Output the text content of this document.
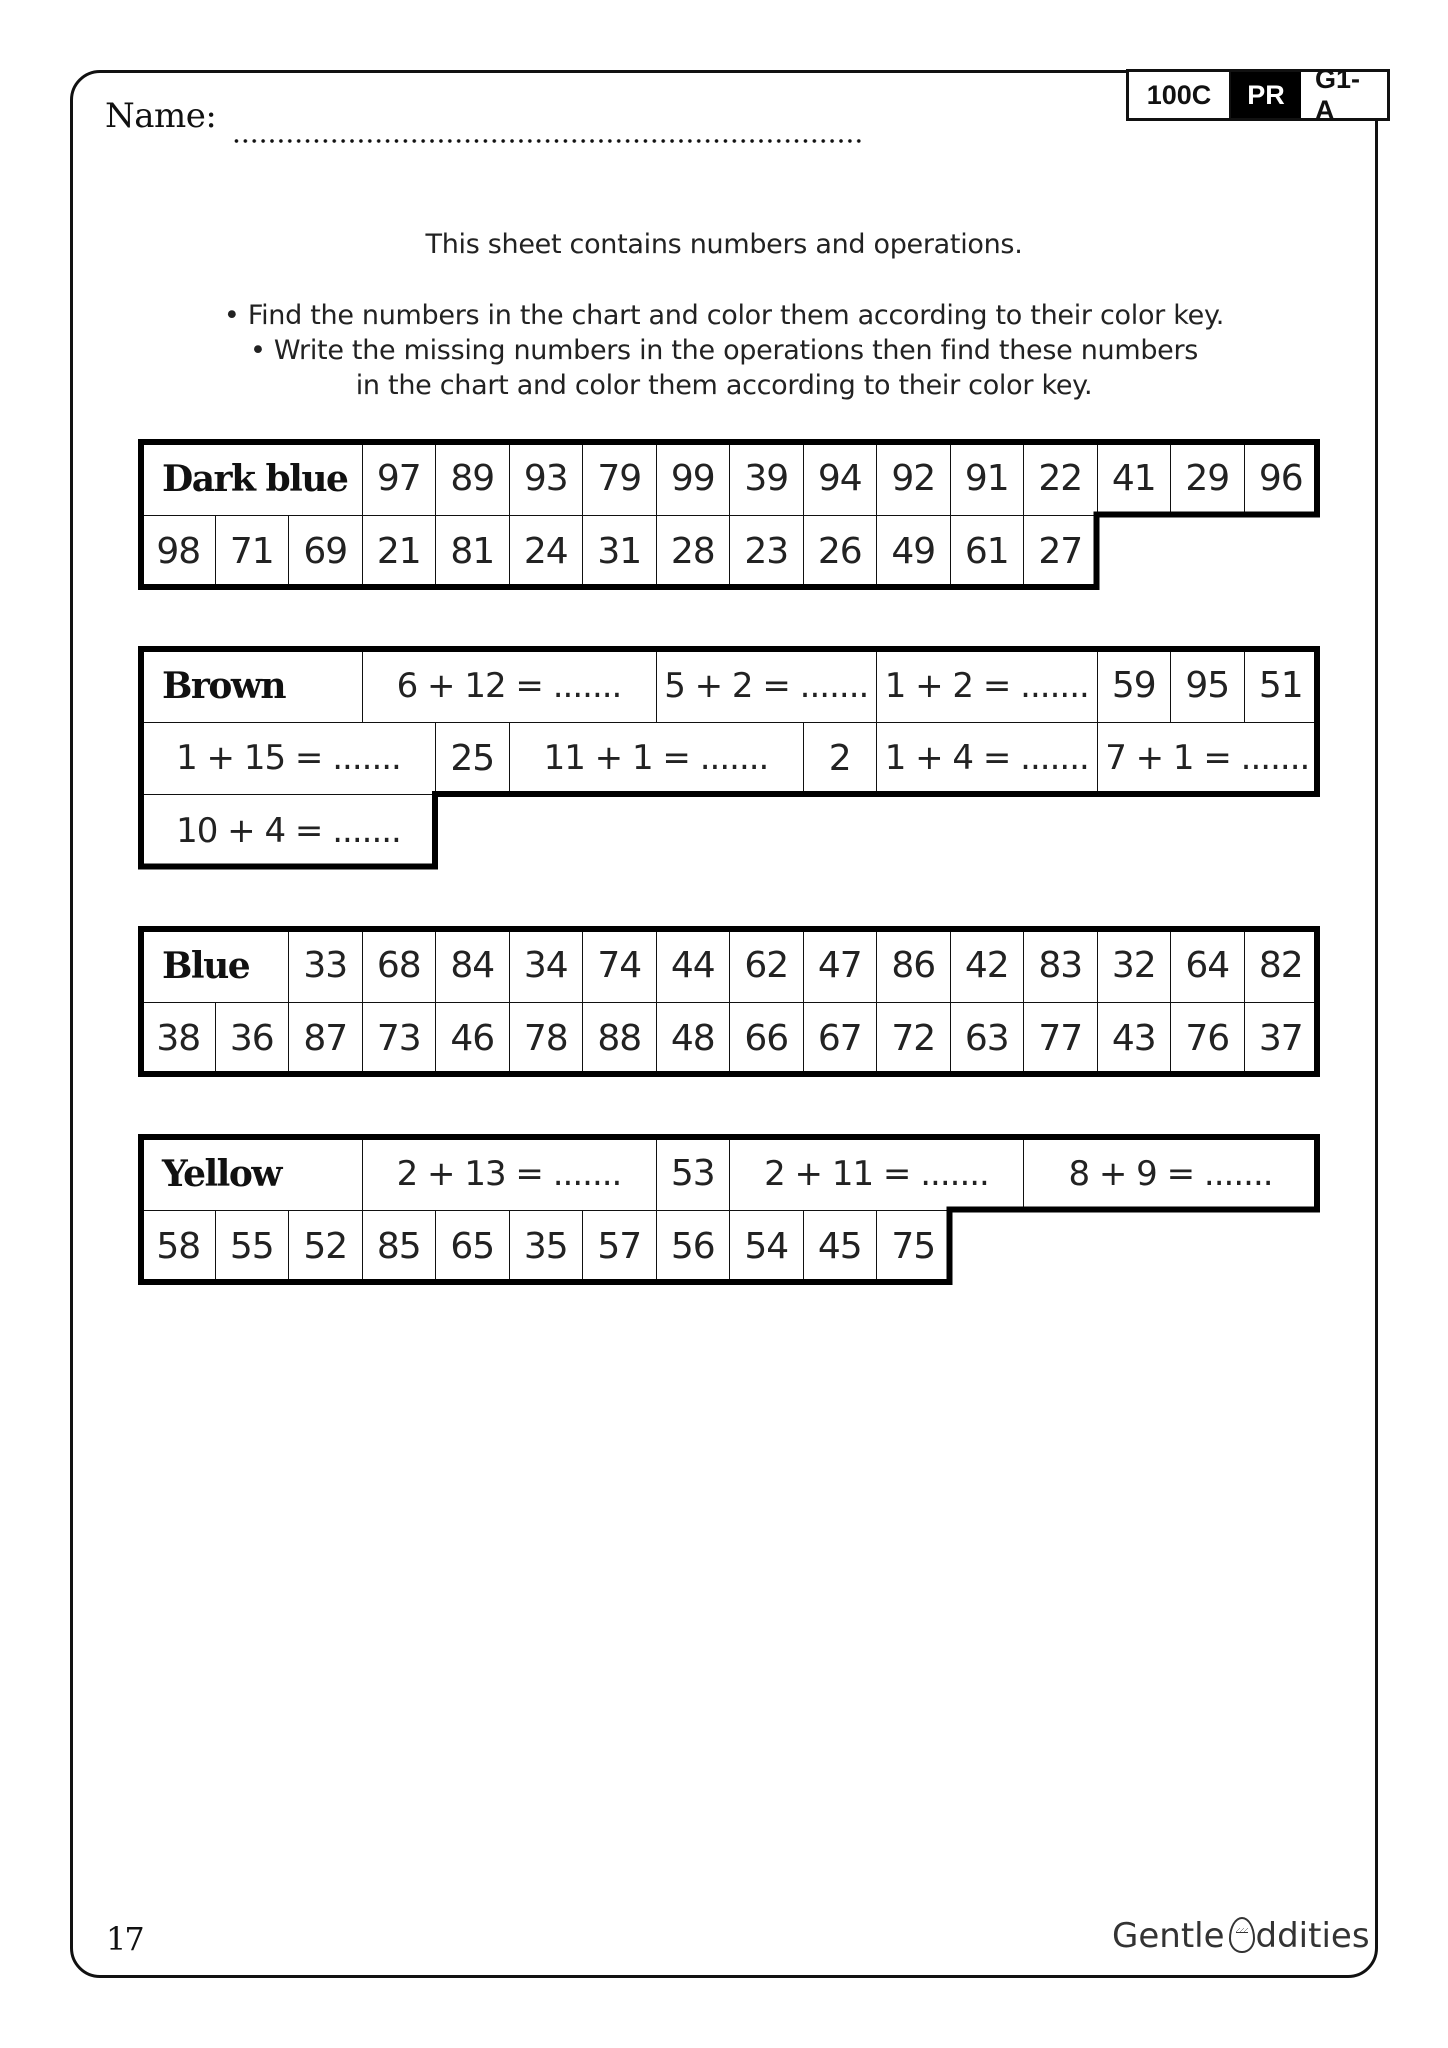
100C	PR
G1-A
Name:
This sheet contains numbers and operations.
• Find the numbers in the chart and color them according to their color key.
• Write the missing numbers in the operations then find these numbers
in the chart and color them according to their color key.
Dark blue 97 89 93 79 99 39 94 92 91 22 41 29 96
98 71 69 21 81 24 31 28 23 26 49 61 27
Brown	6 + 12 = .......	5 + 2 = ....... 1 + 2 = ....... 59 95 51
1 + 15 = .......	25	11 + 1 = .......	2 1 + 4 = ....... 7 + 1 = .......
10 + 4 = .......
Blue	33 68 84 34 74 44 62 47 86 42 83 32 64 82
38 36 87 73 46 78 88 48 66 67 72 63 77 43 76 37
Yellow	2 + 13 = .......	53	2 + 11 = .......	8 + 9 = .......
58 55 52 85 65 35 57 56 54 45 75
17	Gentle ddities
